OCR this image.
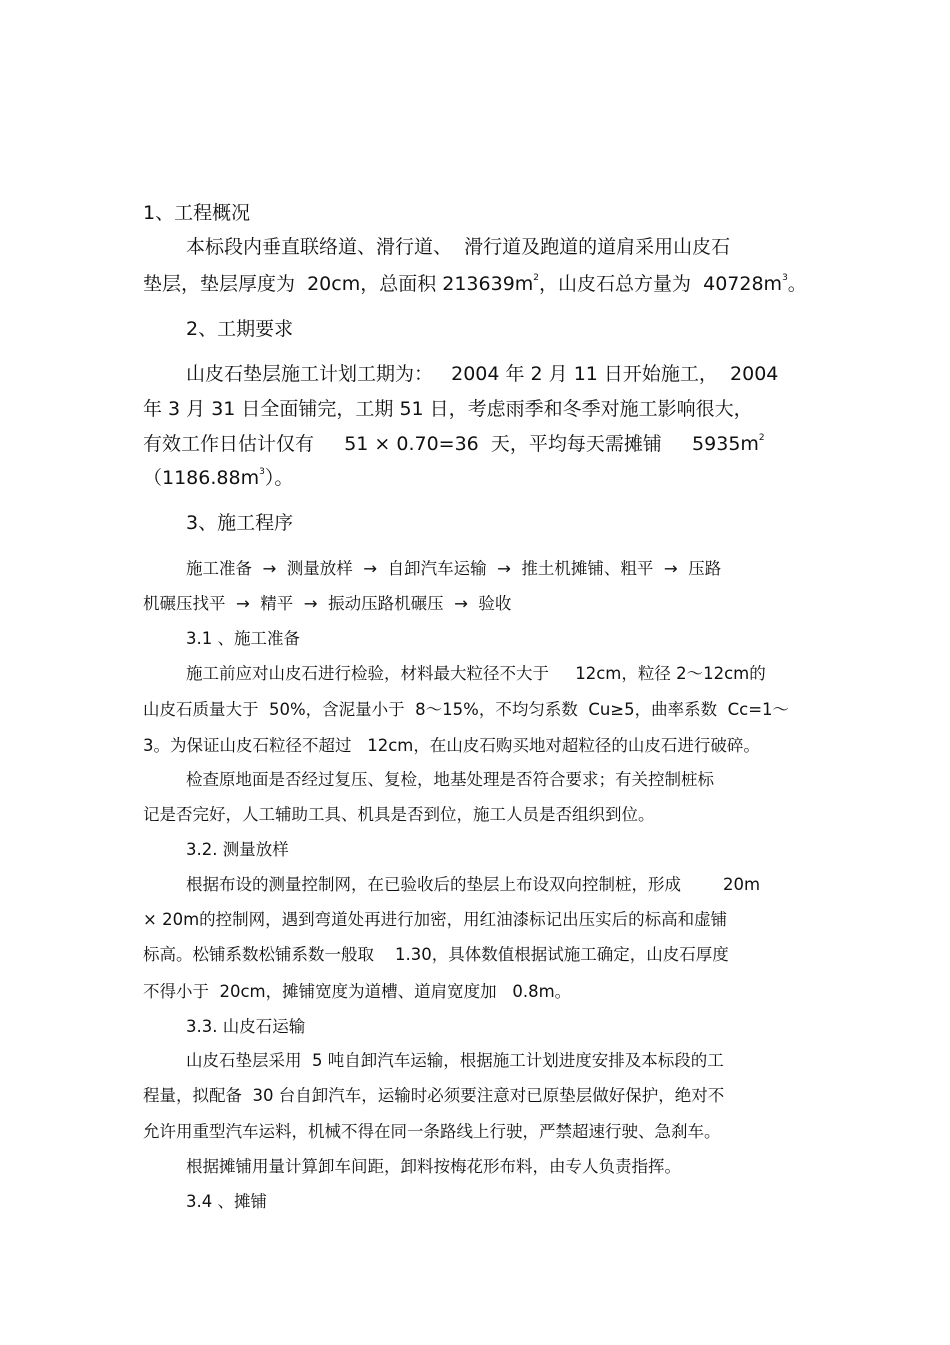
1、工程概况
本标段内垂直联络道、滑行道、  滑行道及跑道的道肩采用山皮石
垫层，垫层厚度为  20cm，总面积 $213639m^2$，山皮石总方量为  $40728m^3$。
2、工期要求
山皮石垫层施工计划工期为：   2004 年 2 月 11 日开始施工，  2004
年 3 月 31 日全面铺完，工期 51 日，考虑雨季和冬季对施工影响很大，
有效工作日估计仅有     51 × 0.70=36  天，平均每天需摊铺     $5935m^2$
$(1186.88m^3)$。
3、施工程序
施工准备  →  测量放样  →  自卸汽车运输  →  推土机摊铺、粗平  →  压路
机碾压找平  →  精平  →  振动压路机碾压  →  验收
3.1 、施工准备
施工前应对山皮石进行检验，材料最大粒径不大于     12cm，粒径 2～12cm的
山皮石质量大于  50%，含泥量小于  8～15%，不均匀系数  Cu≥5，曲率系数  Cc=1～
3。为保证山皮石粒径不超过   12cm，在山皮石购买地对超粒径的山皮石进行破碎。
检查原地面是否经过复压、复检，地基处理是否符合要求；有关控制桩标
记是否完好，人工辅助工具、机具是否到位，施工人员是否组织到位。
3.2. 测量放样
根据布设的测量控制网，在已验收后的垫层上布设双向控制桩，形成        20m
× 20m的控制网，遇到弯道处再进行加密，用红油漆标记出压实后的标高和虚铺
标高。松铺系数松铺系数一般取    1.30，具体数值根据试施工确定，山皮石厚度
不得小于  20cm，摊铺宽度为道槽、道肩宽度加   0.8m。
3.3. 山皮石运输
山皮石垫层采用  5 吨自卸汽车运输，根据施工计划进度安排及本标段的工
程量，拟配备  30 台自卸汽车，运输时必须要注意对已原垫层做好保护，绝对不
允许用重型汽车运料，机械不得在同一条路线上行驶，严禁超速行驶、急刹车。
根据摊铺用量计算卸车间距，卸料按梅花形布料，由专人负责指挥。
3.4 、摊铺
